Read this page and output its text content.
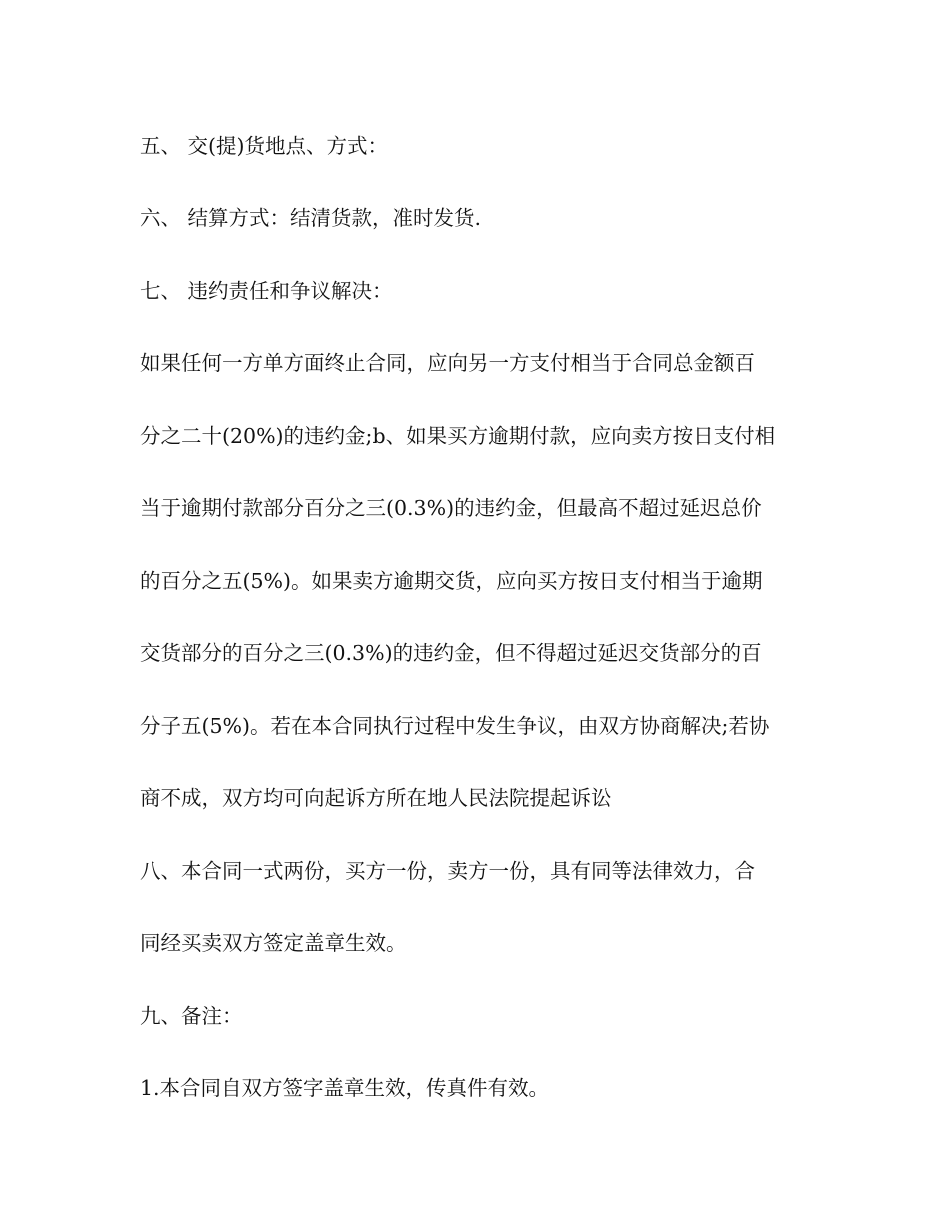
五、 交(提)货地点、方式：

六、 结算方式：结清货款，准时发货.

七、 违约责任和争议解决：

如果任何一方单方面终止合同，应向另一方支付相当于合同总金额百

分之二十(20%)的违约金;b、如果买方逾期付款，应向卖方按日支付相

当于逾期付款部分百分之三(0.3%)的违约金，但最高不超过延迟总价

的百分之五(5%)。如果卖方逾期交货，应向买方按日支付相当于逾期

交货部分的百分之三(0.3%)的违约金，但不得超过延迟交货部分的百

分子五(5%)。若在本合同执行过程中发生争议，由双方协商解决;若协

商不成，双方均可向起诉方所在地人民法院提起诉讼

八、本合同一式两份，买方一份，卖方一份，具有同等法律效力，合

同经买卖双方签定盖章生效。

九、备注：

1.本合同自双方签字盖章生效，传真件有效。
